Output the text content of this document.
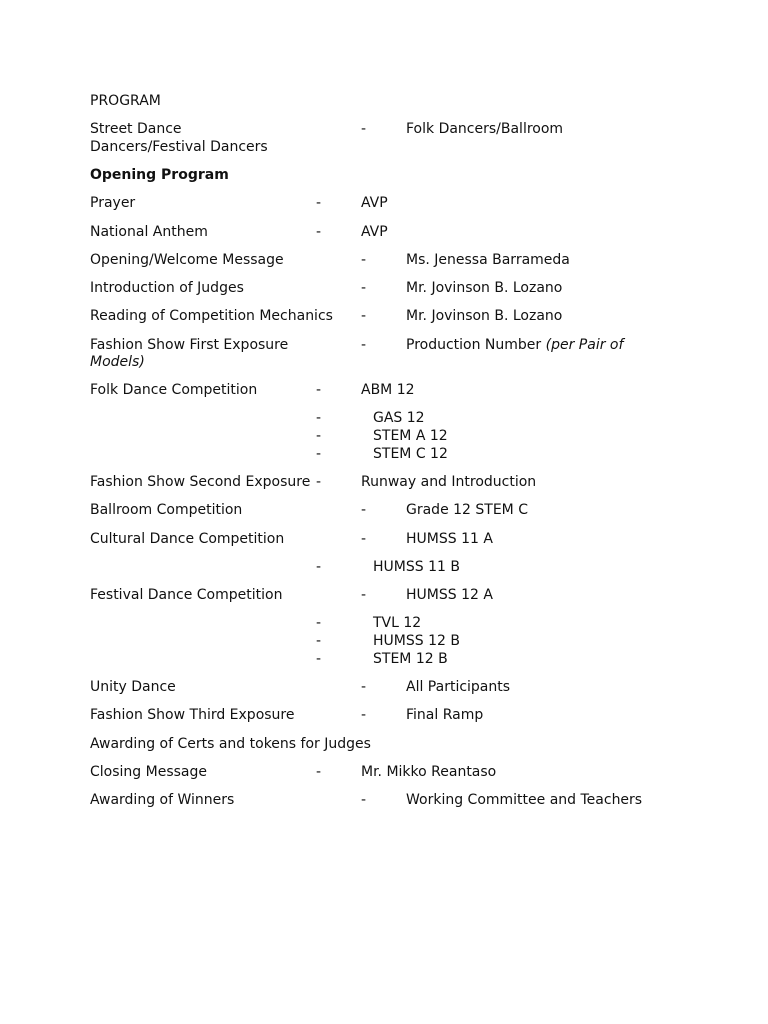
PROGRAM
Street Dance
Dancers/Festival Dancers
-	Folk Dancers/Ballroom
Opening Program
Prayer	-	AVP
National Anthem	-	AVP
Opening/Welcome Message	-	Ms. Jenessa Barrameda
Introduction of Judges	-	Mr. Jovinson B. Lozano
Reading of Competition Mechanics -	Mr. Jovinson B. Lozano
Fashion Show First Exposure	-	Production Number (per Pair of
Models)
Folk Dance Competition	-	ABM 12
-	GAS 12
-	STEM A 12
-	STEM C 12
Fashion Show Second Exposure -	Runway and Introduction
Ballroom Competition	-	Grade 12 STEM C
Cultural Dance Competition	-	HUMSS 11 A
-	HUMSS 11 B
Festival Dance Competition	-	HUMSS 12 A
-	TVL 12
-	HUMSS 12 B
-	STEM 12 B
Unity Dance	-	All Participants
Fashion Show Third Exposure	-	Final Ramp
Awarding of Certs and tokens for Judges
Closing Message	-	Mr. Mikko Reantaso
Awarding of Winners	-	Working Committee and Teachers
